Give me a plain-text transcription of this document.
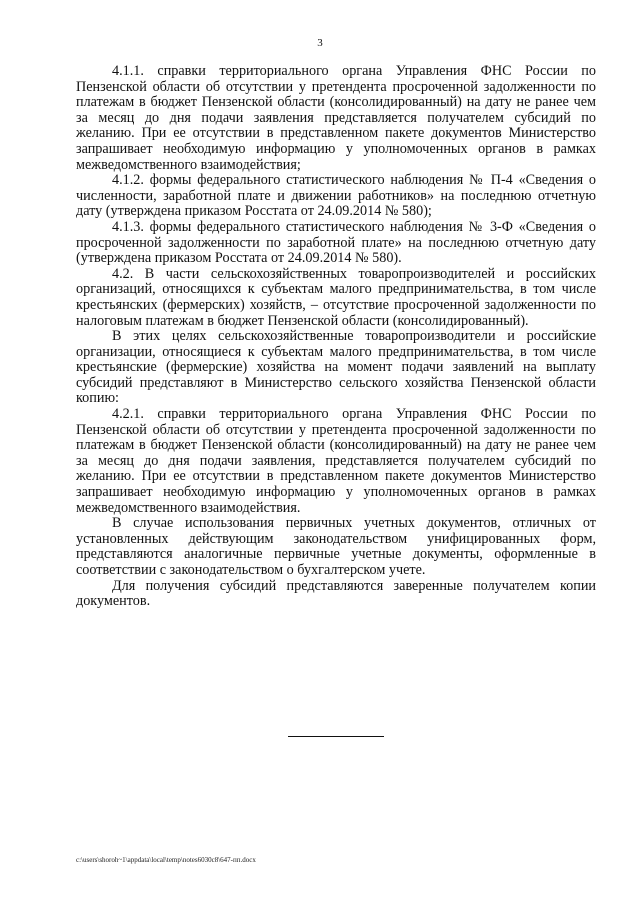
3

4.1.1. справки территориального органа Управления ФНС России по Пензенской области об отсутствии у претендента просроченной задолженности по платежам в бюджет Пензенской области (консолидированный) на дату не ранее чем за месяц до дня подачи заявления представляется получателем субсидий по желанию. При ее отсутствии в представленном пакете документов Министерство запрашивает необходимую информацию у уполномоченных органов в рамках межведомственного взаимодействия;

4.1.2. формы федерального статистического наблюдения № П-4 «Сведения о численности, заработной плате и движении работников» на последнюю отчетную дату (утверждена приказом Росстата от 24.09.2014 № 580);

4.1.3. формы федерального статистического наблюдения № 3-Ф «Сведения о просроченной задолженности по заработной плате» на последнюю отчетную дату (утверждена приказом Росстата от 24.09.2014 № 580).

4.2. В части сельскохозяйственных товаропроизводителей и российских организаций, относящихся к субъектам малого предпринимательства, в том числе крестьянских (фермерских) хозяйств, – отсутствие просроченной задолженности по налоговым платежам в бюджет Пензенской области (консолидированный).

В этих целях сельскохозяйственные товаропроизводители и российские организации, относящиеся к субъектам малого предпринимательства, в том числе крестьянские (фермерские) хозяйства на момент подачи заявлений на выплату субсидий представляют в Министерство сельского хозяйства Пензенской области копию:

4.2.1. справки территориального органа Управления ФНС России по Пензенской области об отсутствии у претендента просроченной задолженности по платежам в бюджет Пензенской области (консолидированный) на дату не ранее чем за месяц до дня подачи заявления, представляется получателем субсидий по желанию. При ее отсутствии в представленном пакете документов Министерство запрашивает необходимую информацию у уполномоченных органов в рамках межведомственного взаимодействия.

В случае использования первичных учетных документов, отличных от установленных действующим законодательством унифицированных форм, представляются аналогичные первичные учетные документы, оформленные в соответствии с законодательством о бухгалтерском учете.

Для получения субсидий представляются заверенные получателем копии документов.

c:\users\shoroh~1\appdata\local\temp\notes6030c8\647-пп.docx
